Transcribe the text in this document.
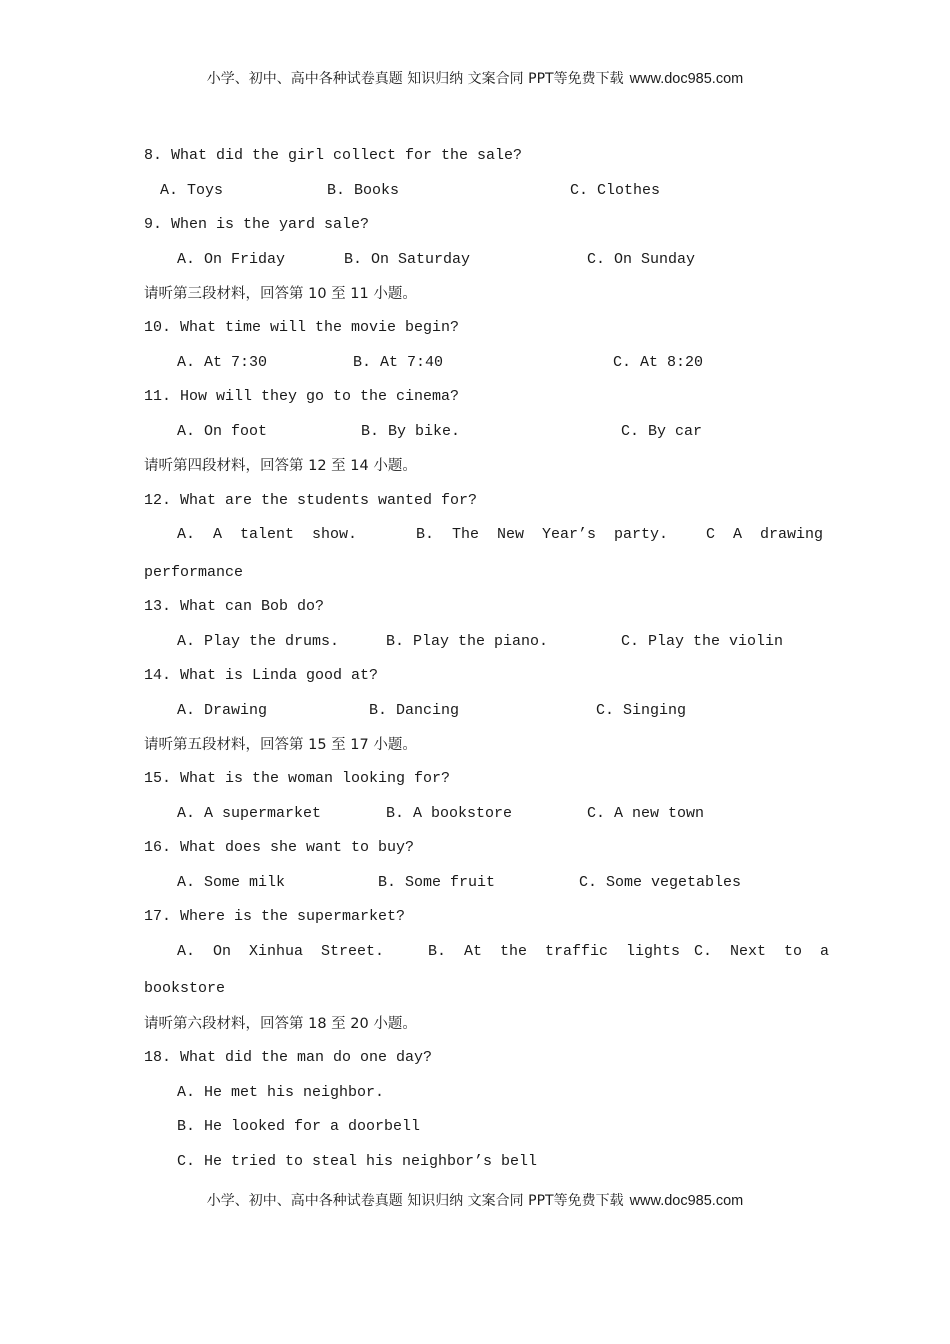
小学、初中、高中各种试卷真题 知识归纳 文案合同 PPT等免费下载 www.doc985.com
8. What did the girl collect for the sale?
A. Toys	B. Books	C. Clothes
9. When is the yard sale?
A. On Friday	B. On Saturday	C. On Sunday
请听第三段材料，回答第 10 至 11 小题。
10. What time will the movie begin?
A. At 7:30	B. At 7:40	C. At 8:20
11. How will they go to the cinema?
A. On foot	B. By bike.	C. By car
请听第四段材料，回答第 12 至 14 小题。
12. What are the students wanted for?
A.  A  talent  show.	B.  The  New  Year’s  party.	C  A  drawing
performance
13. What can Bob do?
A. Play the drums.	B. Play the piano.	C. Play the violin
14. What is Linda good at?
A. Drawing	B. Dancing	C. Singing
请听第五段材料，回答第 15 至 17 小题。
15. What is the woman looking for?
A. A supermarket	B. A bookstore	C. A new town
16. What does she want to buy?
A. Some milk	B. Some fruit	C. Some vegetables
17. Where is the supermarket?
A.  On  Xinhua  Street.	B.  At  the  traffic  lights C.  Next  to  a
bookstore
请听第六段材料，回答第 18 至 20 小题。
18. What did the man do one day?
A. He met his neighbor.
B. He looked for a doorbell
C. He tried to steal his neighbor’s bell
小学、初中、高中各种试卷真题 知识归纳 文案合同 PPT等免费下载 www.doc985.com
